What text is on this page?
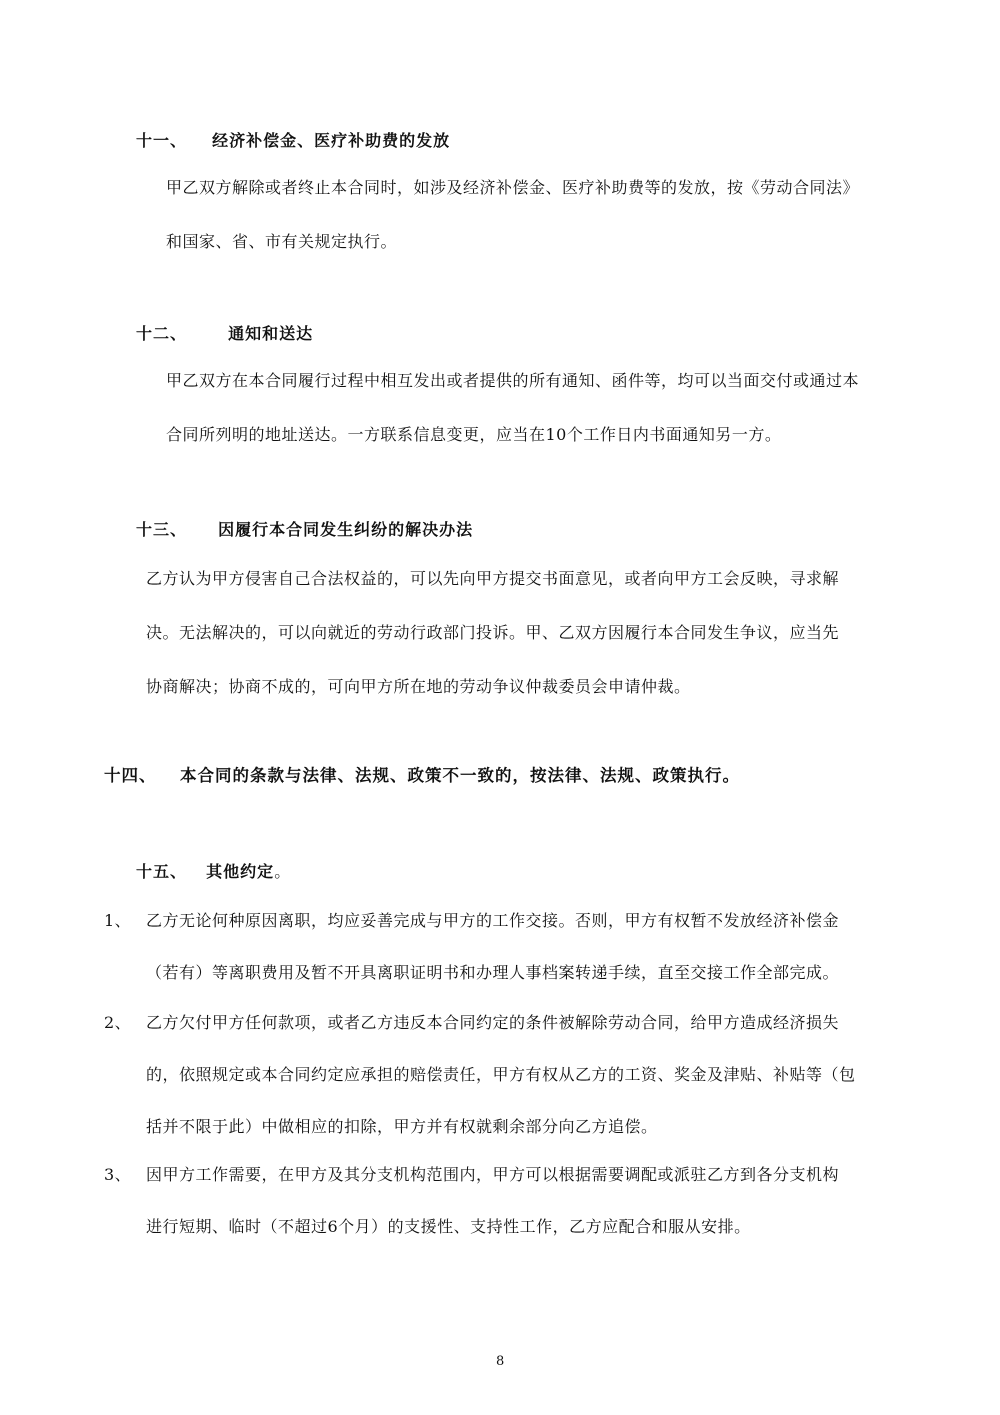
十一、 经济补偿金、医疗补助费的发放
甲乙双方解除或者终止本合同时，如涉及经济补偿金、医疗补助费等的发放，按《劳动合同法》
和国家、省、市有关规定执行。
十二、	通知和送达
甲乙双方在本合同履行过程中相互发出或者提供的所有通知、函件等，均可以当面交付或通过本
合同所列明的地址送达。一方联系信息变更，应当在10个工作日内书面通知另一方。
十三、 因履行本合同发生纠纷的解决办法
乙方认为甲方侵害自己合法权益的，可以先向甲方提交书面意见，或者向甲方工会反映，寻求解
决。无法解决的，可以向就近的劳动行政部门投诉。甲、乙双方因履行本合同发生争议，应当先
协商解决；协商不成的，可向甲方所在地的劳动争议仲裁委员会申请仲裁。
十四、 本合同的条款与法律、法规、政策不一致的，按法律、法规、政策执行。
十五、 其他约定。
1、 乙方无论何种原因离职，均应妥善完成与甲方的工作交接。否则，甲方有权暂不发放经济补偿金
（若有）等离职费用及暂不开具离职证明书和办理人事档案转递手续，直至交接工作全部完成。
2、 乙方欠付甲方任何款项，或者乙方违反本合同约定的条件被解除劳动合同，给甲方造成经济损失
的，依照规定或本合同约定应承担的赔偿责任，甲方有权从乙方的工资、奖金及津贴、补贴等（包
括并不限于此）中做相应的扣除，甲方并有权就剩余部分向乙方追偿。
3、 因甲方工作需要，在甲方及其分支机构范围内，甲方可以根据需要调配或派驻乙方到各分支机构
进行短期、临时（不超过6个月）的支援性、支持性工作，乙方应配合和服从安排。
8
